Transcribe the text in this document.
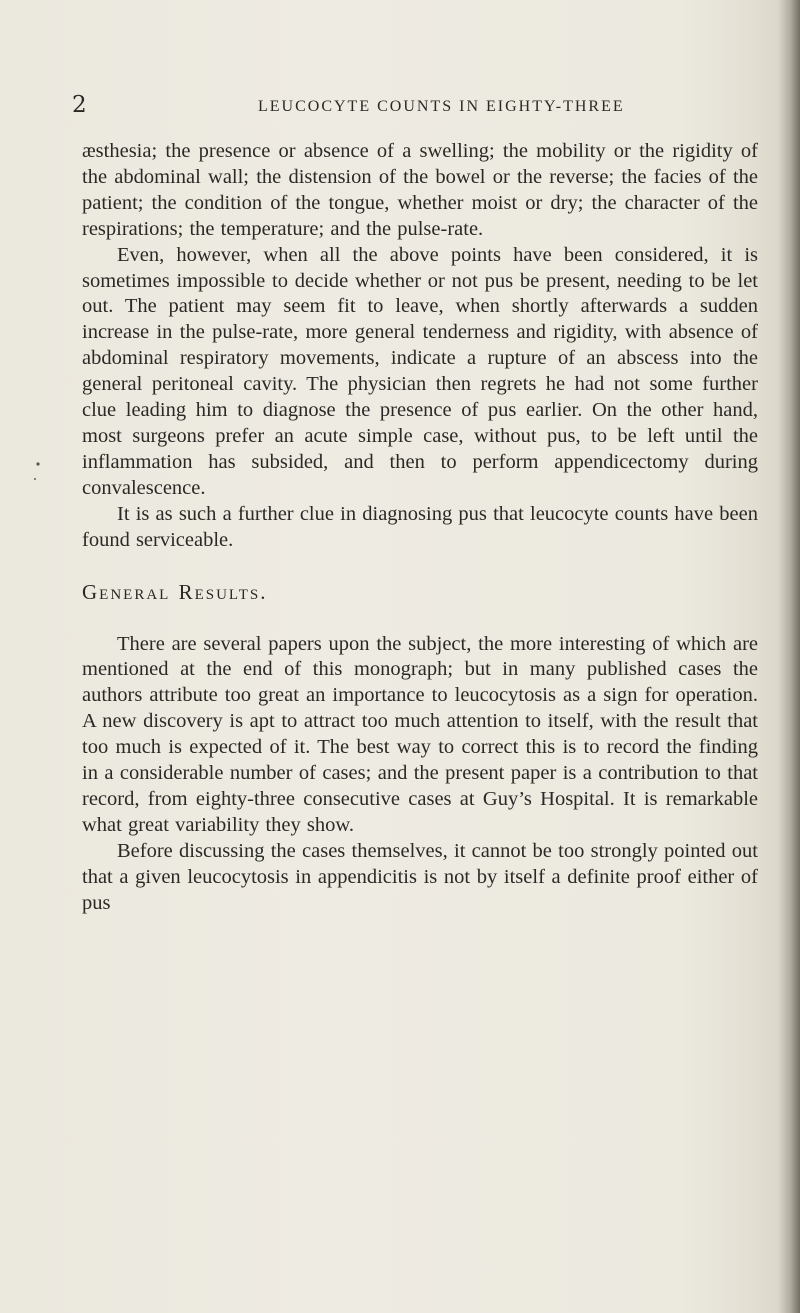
2	LEUCOCYTE COUNTS IN EIGHTY-THREE

æsthesia; the presence or absence of a swelling; the mobility or the rigidity of the abdominal wall; the distension of the bowel or the reverse; the facies of the patient; the condition of the tongue, whether moist or dry; the character of the respirations; the temperature; and the pulse-rate.

Even, however, when all the above points have been considered, it is sometimes impossible to decide whether or not pus be present, needing to be let out. The patient may seem fit to leave, when shortly afterwards a sudden increase in the pulse-rate, more general tenderness and rigidity, with absence of abdominal respiratory movements, indicate a rupture of an abscess into the general peritoneal cavity. The physician then regrets he had not some further clue leading him to diagnose the presence of pus earlier. On the other hand, most surgeons prefer an acute simple case, without pus, to be left until the inflammation has subsided, and then to perform appendicectomy during convalescence.

It is as such a further clue in diagnosing pus that leucocyte counts have been found serviceable.

General Results.

There are several papers upon the subject, the more interesting of which are mentioned at the end of this monograph; but in many published cases the authors attribute too great an importance to leucocytosis as a sign for operation. A new discovery is apt to attract too much attention to itself, with the result that too much is expected of it. The best way to correct this is to record the finding in a considerable number of cases; and the present paper is a contribution to that record, from eighty-three consecutive cases at Guy’s Hospital. It is remarkable what great variability they show.

Before discussing the cases themselves, it cannot be too strongly pointed out that a given leucocytosis in appendicitis is not by itself a definite proof either of pus
